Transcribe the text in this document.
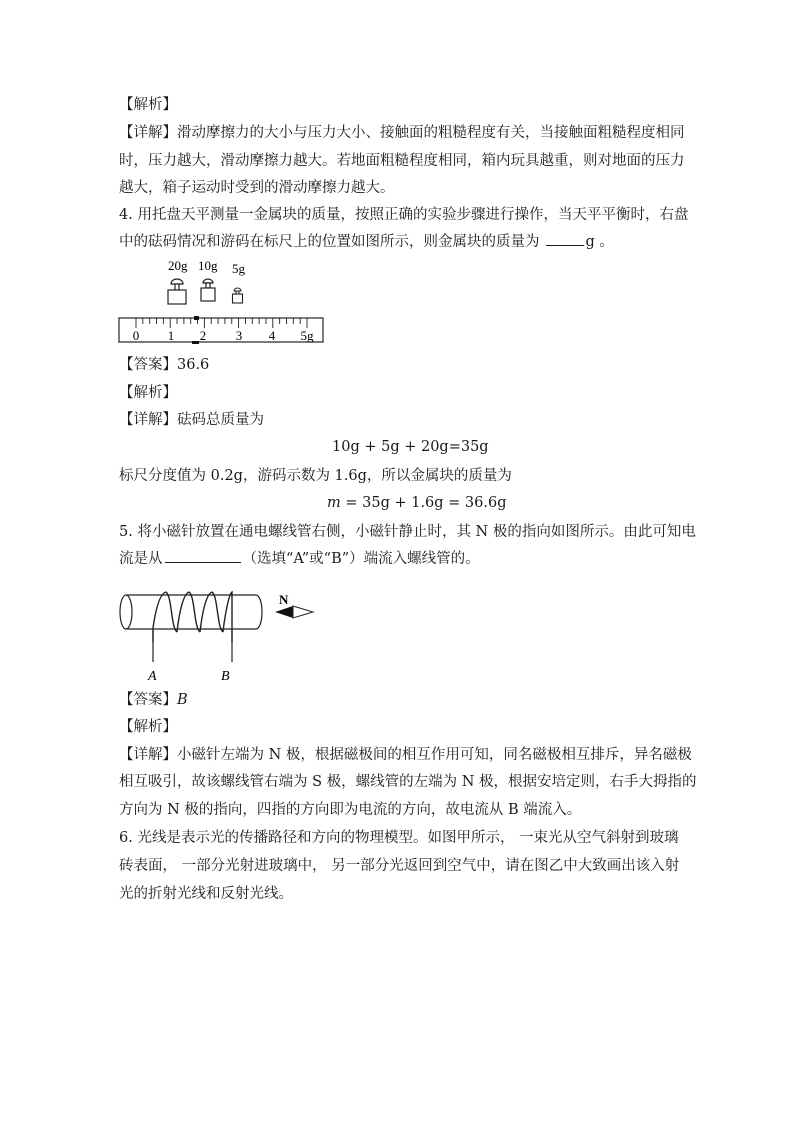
【解析】
【详解】滑动摩擦力的大小与压力大小、接触面的粗糙程度有关，当接触面粗糙程度相同
时，压力越大，滑动摩擦力越大。若地面粗糙程度相同，箱内玩具越重，则对地面的压力
越大，箱子运动时受到的滑动摩擦力越大。
4. 用托盘天平测量一金属块的质量，按照正确的实验步骤进行操作，当天平平衡时，右盘
中的砝码情况和游码在标尺上的位置如图所示，则金属块的质量为	g 。
20g 10g 5g
0 1 2 3 4 5g
【答案】36.6
【解析】
【详解】砝码总质量为
10g + 5g + 20g=35g
标尺分度值为 0.2g，游码示数为 1.6g，所以金属块的质量为
m = 35g + 1.6g = 36.6g
5. 将小磁针放置在通电螺线管右侧，小磁针静止时，其 N 极的指向如图所示。由此可知电
流是从	（选填“A”或“B”）端流入螺线管的。
A	B
N
【答案】B
【解析】
【详解】小磁针左端为 N 极，根据磁极间的相互作用可知，同名磁极相互排斥，异名磁极
相互吸引，故该螺线管右端为 S 极，螺线管的左端为 N 极，根据安培定则，右手大拇指的
方向为 N 极的指向，四指的方向即为电流的方向，故电流从 B 端流入。
6. 光线是表示光的传播路径和方向的物理模型。如图甲所示， 一束光从空气斜射到玻璃
砖表面， 一部分光射进玻璃中， 另一部分光返回到空气中，请在图乙中大致画出该入射
光的折射光线和反射光线。
